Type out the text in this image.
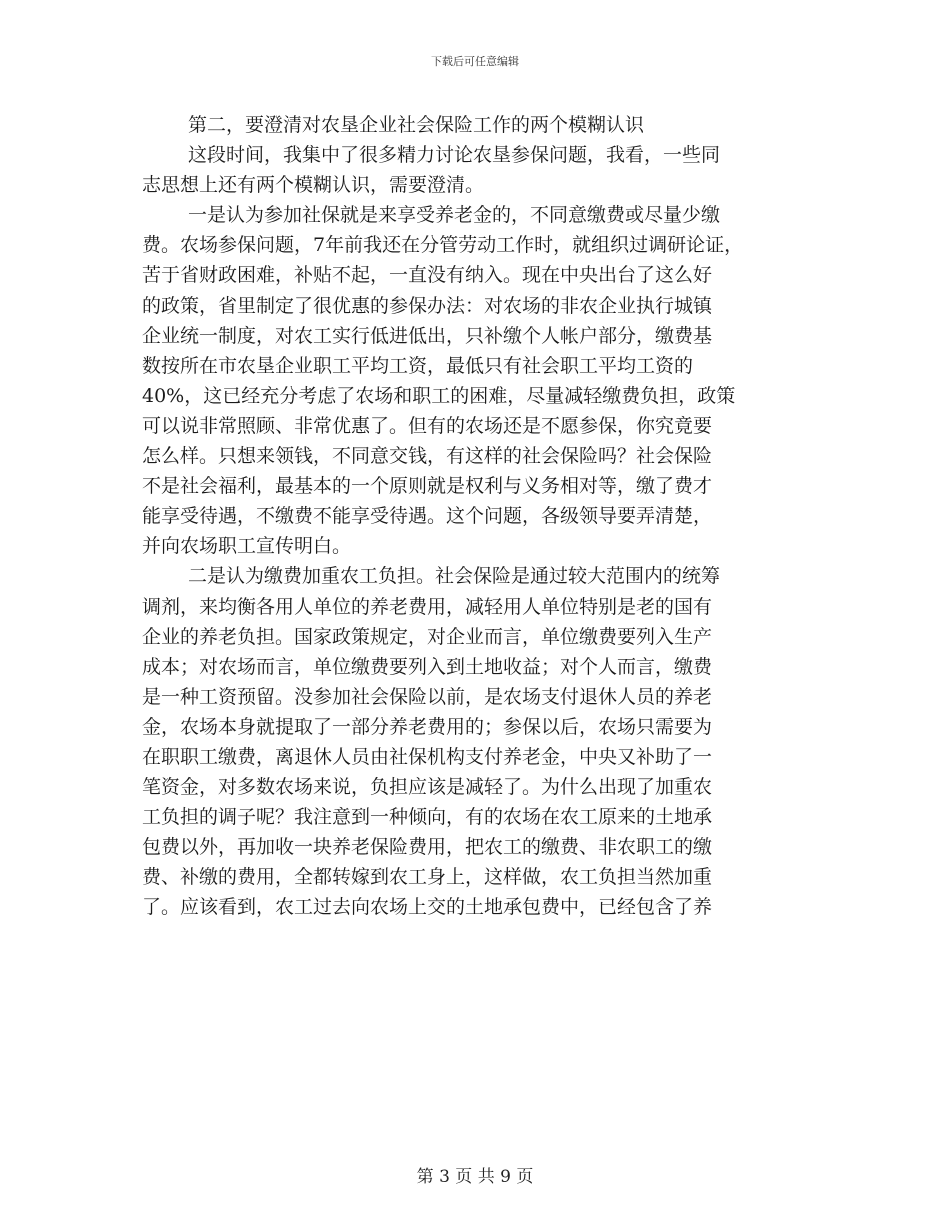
下载后可任意编辑
第二，要澄清对农垦企业社会保险工作的两个模糊认识
这段时间，我集中了很多精力讨论农垦参保问题，我看，一些同
志思想上还有两个模糊认识，需要澄清。
一是认为参加社保就是来享受养老金的，不同意缴费或尽量少缴
费。农场参保问题，7年前我还在分管劳动工作时，就组织过调研论证，
苦于省财政困难，补贴不起，一直没有纳入。现在中央出台了这么好
的政策，省里制定了很优惠的参保办法：对农场的非农企业执行城镇
企业统一制度，对农工实行低进低出，只补缴个人帐户部分，缴费基
数按所在市农垦企业职工平均工资，最低只有社会职工平均工资的
40%，这已经充分考虑了农场和职工的困难，尽量减轻缴费负担，政策
可以说非常照顾、非常优惠了。但有的农场还是不愿参保，你究竟要
怎么样。只想来领钱，不同意交钱，有这样的社会保险吗？社会保险
不是社会福利，最基本的一个原则就是权利与义务相对等，缴了费才
能享受待遇，不缴费不能享受待遇。这个问题，各级领导要弄清楚，
并向农场职工宣传明白。
二是认为缴费加重农工负担。社会保险是通过较大范围内的统筹
调剂，来均衡各用人单位的养老费用，减轻用人单位特别是老的国有
企业的养老负担。国家政策规定，对企业而言，单位缴费要列入生产
成本；对农场而言，单位缴费要列入到土地收益；对个人而言，缴费
是一种工资预留。没参加社会保险以前，是农场支付退休人员的养老
金，农场本身就提取了一部分养老费用的；参保以后，农场只需要为
在职职工缴费，离退休人员由社保机构支付养老金，中央又补助了一
笔资金，对多数农场来说，负担应该是减轻了。为什么出现了加重农
工负担的调子呢？我注意到一种倾向，有的农场在农工原来的土地承
包费以外，再加收一块养老保险费用，把农工的缴费、非农职工的缴
费、补缴的费用，全都转嫁到农工身上，这样做，农工负担当然加重
了。应该看到，农工过去向农场上交的土地承包费中，已经包含了养
第 3 页 共 9 页
